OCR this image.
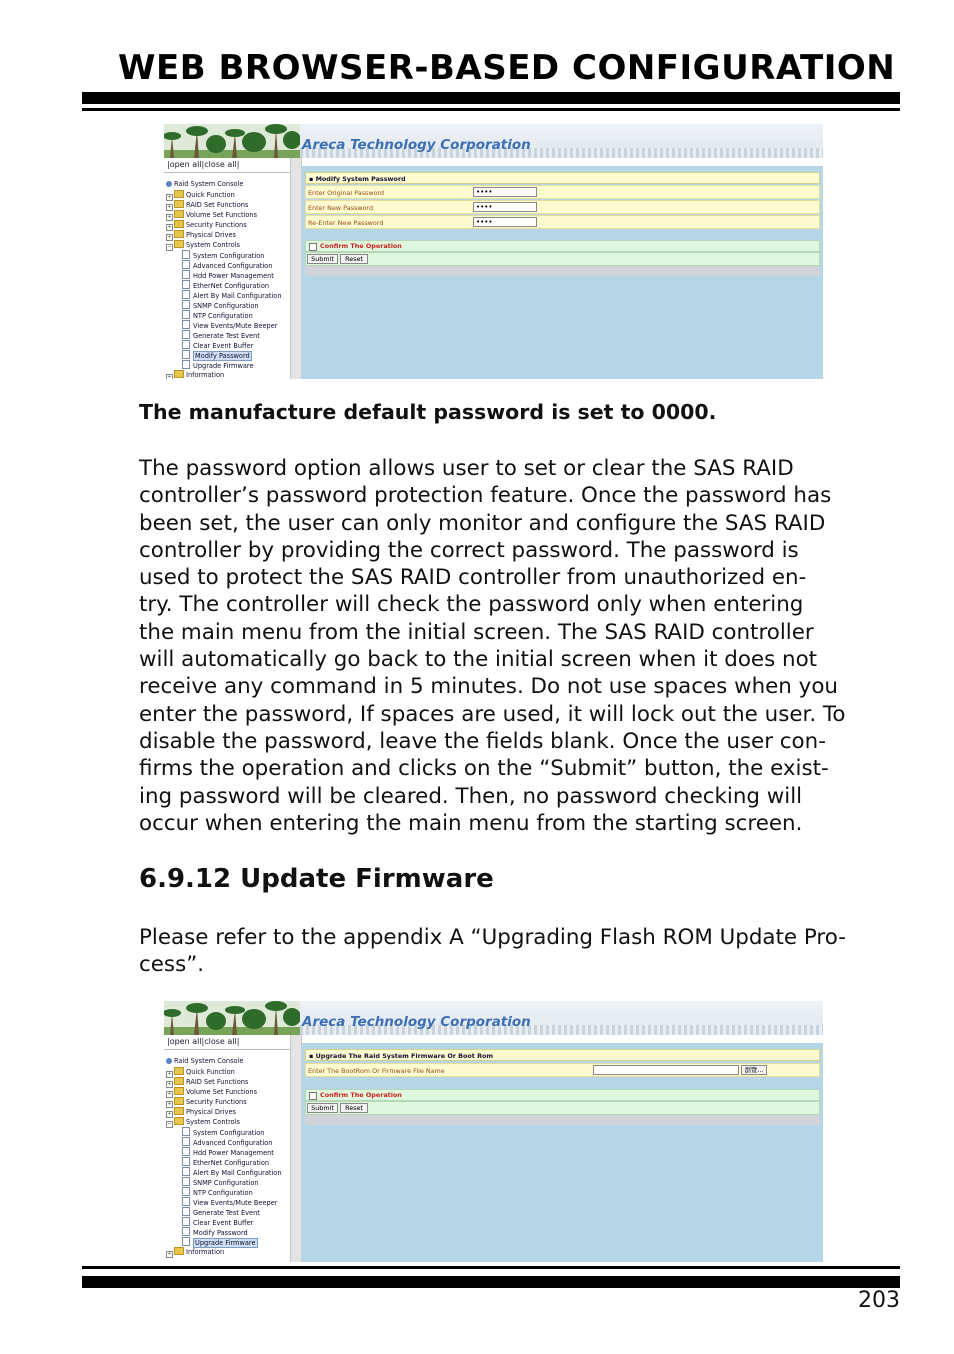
WEB BROWSER-BASED CONFIGURATION
Areca Technology Corporation
|open all|close all|
Raid System Console
+ Quick Function
+ RAID Set Functions
+ Volume Set Functions
+ Security Functions
+ Physical Drives
− System Controls
System Configuration
Advanced Configuration
Hdd Power Management
EtherNet Configuration
Alert By Mail Configuration
SNMP Configuration
NTP Configuration
View Events/Mute Beeper
Generate Test Event
Clear Event Buffer
Modify Password
Upgrade Firmware
+ Information
▪ Modify System Password
Enter Original Password	••••
Enter New Password	••••
Re-Enter New Password	••••
Confirm The Operation
Submit	Reset
The manufacture default password is set to 0000.
The password option allows user to set or clear the SAS RAID
controller’s password protection feature. Once the password has
been set, the user can only monitor and configure the SAS RAID
controller by providing the correct password. The password is
used to protect the SAS RAID controller from unauthorized en-
try. The controller will check the password only when entering
the main menu from the initial screen. The SAS RAID controller
will automatically go back to the initial screen when it does not
receive any command in 5 minutes. Do not use spaces when you
enter the password, If spaces are used, it will lock out the user. To
disable the password, leave the fields blank. Once the user con-
firms the operation and clicks on the “Submit” button, the exist-
ing password will be cleared. Then, no password checking will
occur when entering the main menu from the starting screen.
6.9.12 Update Firmware
Please refer to the appendix A “Upgrading Flash ROM Update Pro-
cess”.
Areca Technology Corporation
|open all|close all|
Raid System Console
+ Quick Function
+ RAID Set Functions
+ Volume Set Functions
+ Security Functions
+ Physical Drives
− System Controls
System Configuration
Advanced Configuration
Hdd Power Management
EtherNet Configuration
Alert By Mail Configuration
SNMP Configuration
NTP Configuration
View Events/Mute Beeper
Generate Test Event
Clear Event Buffer
Modify Password
Upgrade Firmware
+ Information
▪ Upgrade The Raid System Firmware Or Boot Rom
Enter The BootRom Or Firmware File Name	瀏覽...
Confirm The Operation
Submit	Reset
203
